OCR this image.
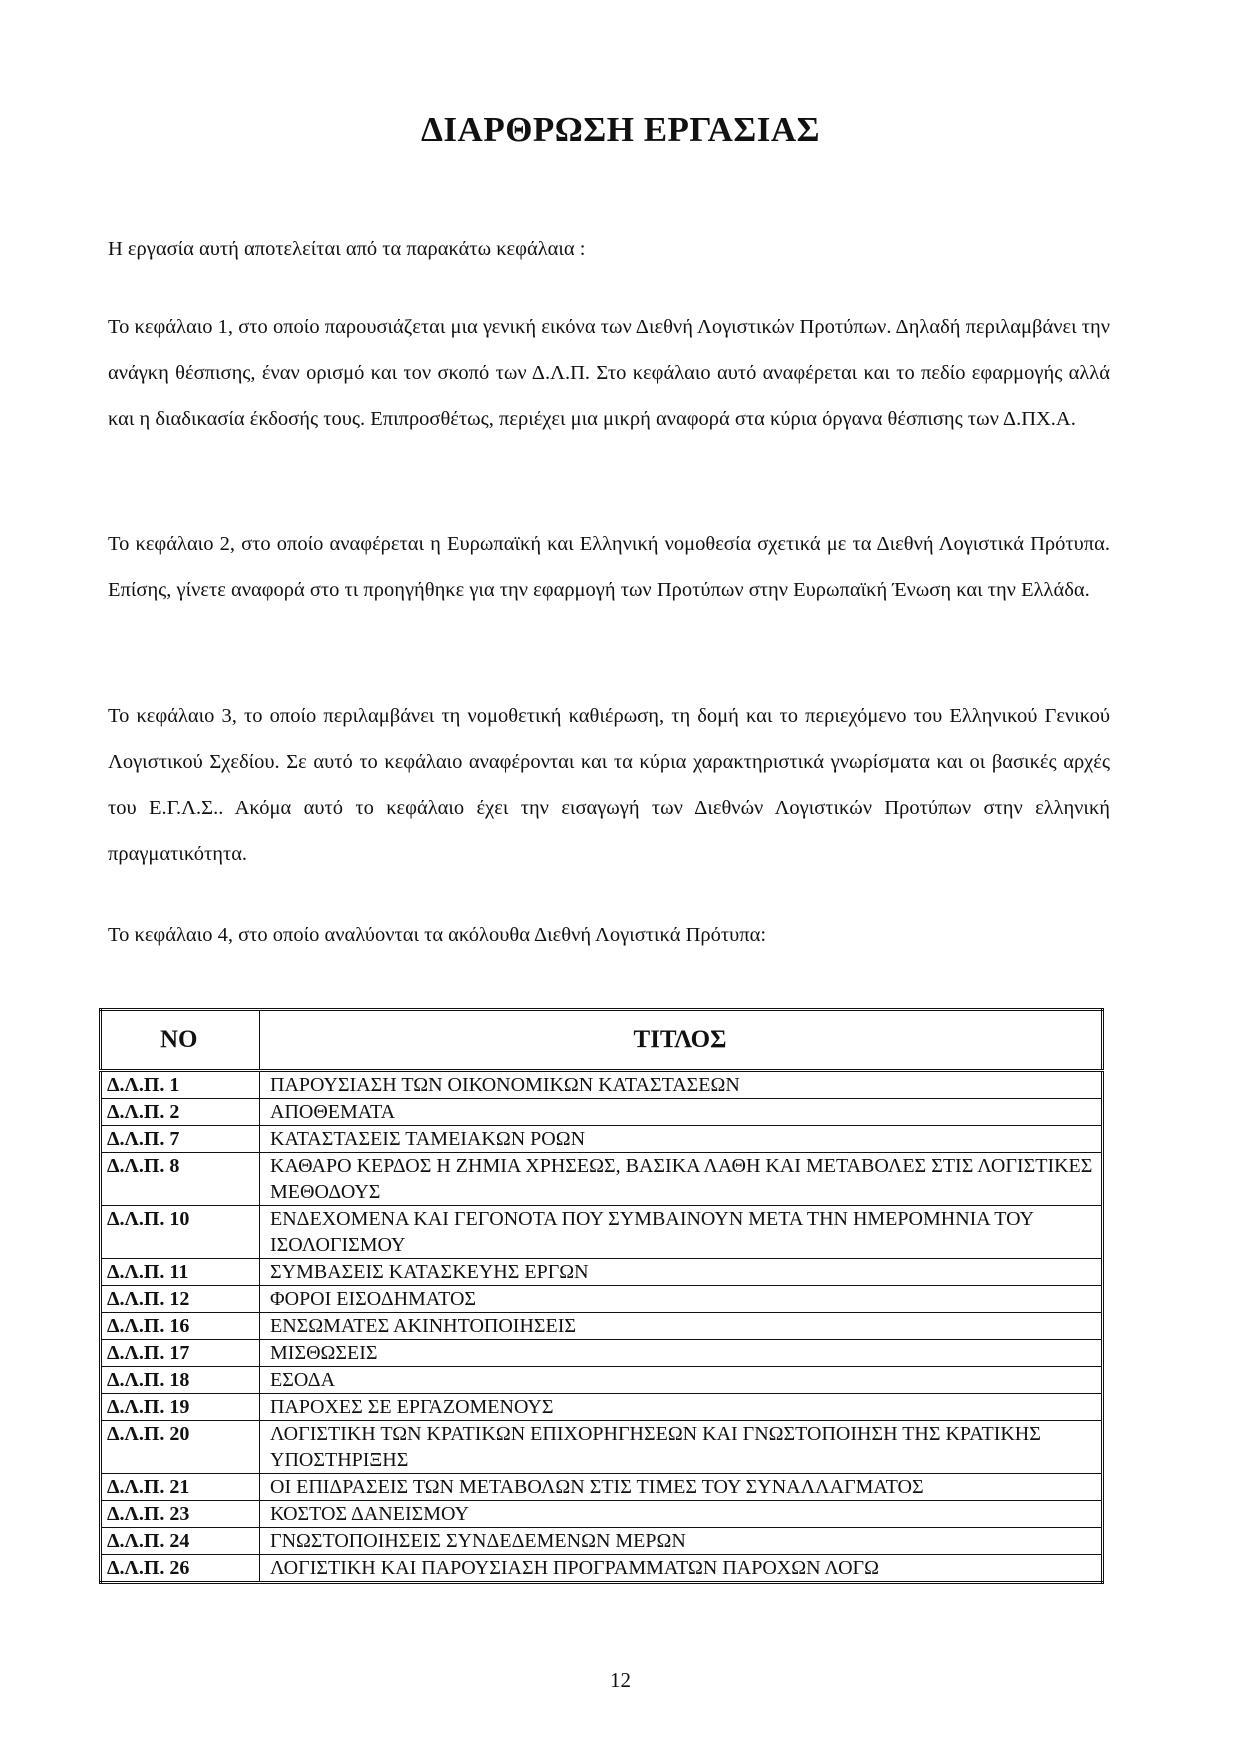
ΔΙΑΡΘΡΩΣΗ ΕΡΓΑΣΙΑΣ

Η εργασία αυτή αποτελείται από τα παρακάτω κεφάλαια :

Το κεφάλαιο 1, στο οποίο παρουσιάζεται μια γενική εικόνα των Διεθνή Λογιστικών Προτύπων. Δηλαδή περιλαμβάνει την ανάγκη θέσπισης, έναν ορισμό και τον σκοπό των Δ.Λ.Π. Στο κεφάλαιο αυτό αναφέρεται και το πεδίο εφαρμογής αλλά και η διαδικασία έκδοσής τους. Επιπροσθέτως, περιέχει μια μικρή αναφορά στα κύρια όργανα θέσπισης των Δ.ΠΧ.Α.

Το κεφάλαιο 2, στο οποίο αναφέρεται η Ευρωπαϊκή και Ελληνική νομοθεσία σχετικά με τα Διεθνή Λογιστικά Πρότυπα. Επίσης, γίνετε αναφορά στο τι προηγήθηκε για την εφαρμογή των Προτύπων στην Ευρωπαϊκή Ένωση και την Ελλάδα.

Το κεφάλαιο 3, το οποίο περιλαμβάνει τη νομοθετική καθιέρωση, τη δομή και το περιεχόμενο του Ελληνικού Γενικού Λογιστικού Σχεδίου. Σε αυτό το κεφάλαιο αναφέρονται και τα κύρια χαρακτηριστικά γνωρίσματα και οι βασικές αρχές του Ε.Γ.Λ.Σ.. Ακόμα αυτό το κεφάλαιο έχει την εισαγωγή των Διεθνών Λογιστικών Προτύπων στην ελληνική πραγματικότητα.

Το κεφάλαιο 4, στο οποίο αναλύονται τα ακόλουθα Διεθνή Λογιστικά Πρότυπα:

ΝΟ	ΤΙΤΛΟΣ
Δ.Λ.Π. 1	ΠΑΡΟΥΣΙΑΣΗ ΤΩΝ ΟΙΚΟΝΟΜΙΚΩΝ ΚΑΤΑΣΤΑΣΕΩΝ
Δ.Λ.Π. 2	ΑΠΟΘΕΜΑΤΑ
Δ.Λ.Π. 7	ΚΑΤΑΣΤΑΣΕΙΣ ΤΑΜΕΙΑΚΩΝ ΡΟΩΝ
Δ.Λ.Π. 8	ΚΑΘΑΡΟ ΚΕΡΔΟΣ Η ΖΗΜΙΑ ΧΡΗΣΕΩΣ, ΒΑΣΙΚΑ ΛΑΘΗ ΚΑΙ ΜΕΤΑΒΟΛΕΣ ΣΤΙΣ ΛΟΓΙΣΤΙΚΕΣ ΜΕΘΟΔΟΥΣ
Δ.Λ.Π. 10	ΕΝΔΕΧΟΜΕΝΑ ΚΑΙ ΓΕΓΟΝΟΤΑ ΠΟΥ ΣΥΜΒΑΙΝΟΥΝ ΜΕΤΑ ΤΗΝ ΗΜΕΡΟΜΗΝΙΑ ΤΟΥ ΙΣΟΛΟΓΙΣΜΟΥ
Δ.Λ.Π. 11	ΣΥΜΒΑΣΕΙΣ ΚΑΤΑΣΚΕΥΗΣ ΕΡΓΩΝ
Δ.Λ.Π. 12	ΦΟΡΟΙ ΕΙΣΟΔΗΜΑΤΟΣ
Δ.Λ.Π. 16	ΕΝΣΩΜΑΤΕΣ ΑΚΙΝΗΤΟΠΟΙΗΣΕΙΣ
Δ.Λ.Π. 17	ΜΙΣΘΩΣΕΙΣ
Δ.Λ.Π. 18	ΕΣΟΔΑ
Δ.Λ.Π. 19	ΠΑΡΟΧΕΣ ΣΕ ΕΡΓΑΖΟΜΕΝΟΥΣ
Δ.Λ.Π. 20	ΛΟΓΙΣΤΙΚΗ ΤΩΝ ΚΡΑΤΙΚΩΝ ΕΠΙΧΟΡΗΓΗΣΕΩΝ ΚΑΙ ΓΝΩΣΤΟΠΟΙΗΣΗ ΤΗΣ ΚΡΑΤΙΚΗΣ ΥΠΟΣΤΗΡΙΞΗΣ
Δ.Λ.Π. 21	ΟΙ ΕΠΙΔΡΑΣΕΙΣ ΤΩΝ ΜΕΤΑΒΟΛΩΝ ΣΤΙΣ ΤΙΜΕΣ ΤΟΥ ΣΥΝΑΛΛΑΓΜΑΤΟΣ
Δ.Λ.Π. 23	ΚΟΣΤΟΣ ΔΑΝΕΙΣΜΟΥ
Δ.Λ.Π. 24	ΓΝΩΣΤΟΠΟΙΗΣΕΙΣ ΣΥΝΔΕΔΕΜΕΝΩΝ ΜΕΡΩΝ
Δ.Λ.Π. 26	ΛΟΓΙΣΤΙΚΗ ΚΑΙ ΠΑΡΟΥΣΙΑΣΗ ΠΡΟΓΡΑΜΜΑΤΩΝ ΠΑΡΟΧΩΝ ΛΟΓΩ
12
